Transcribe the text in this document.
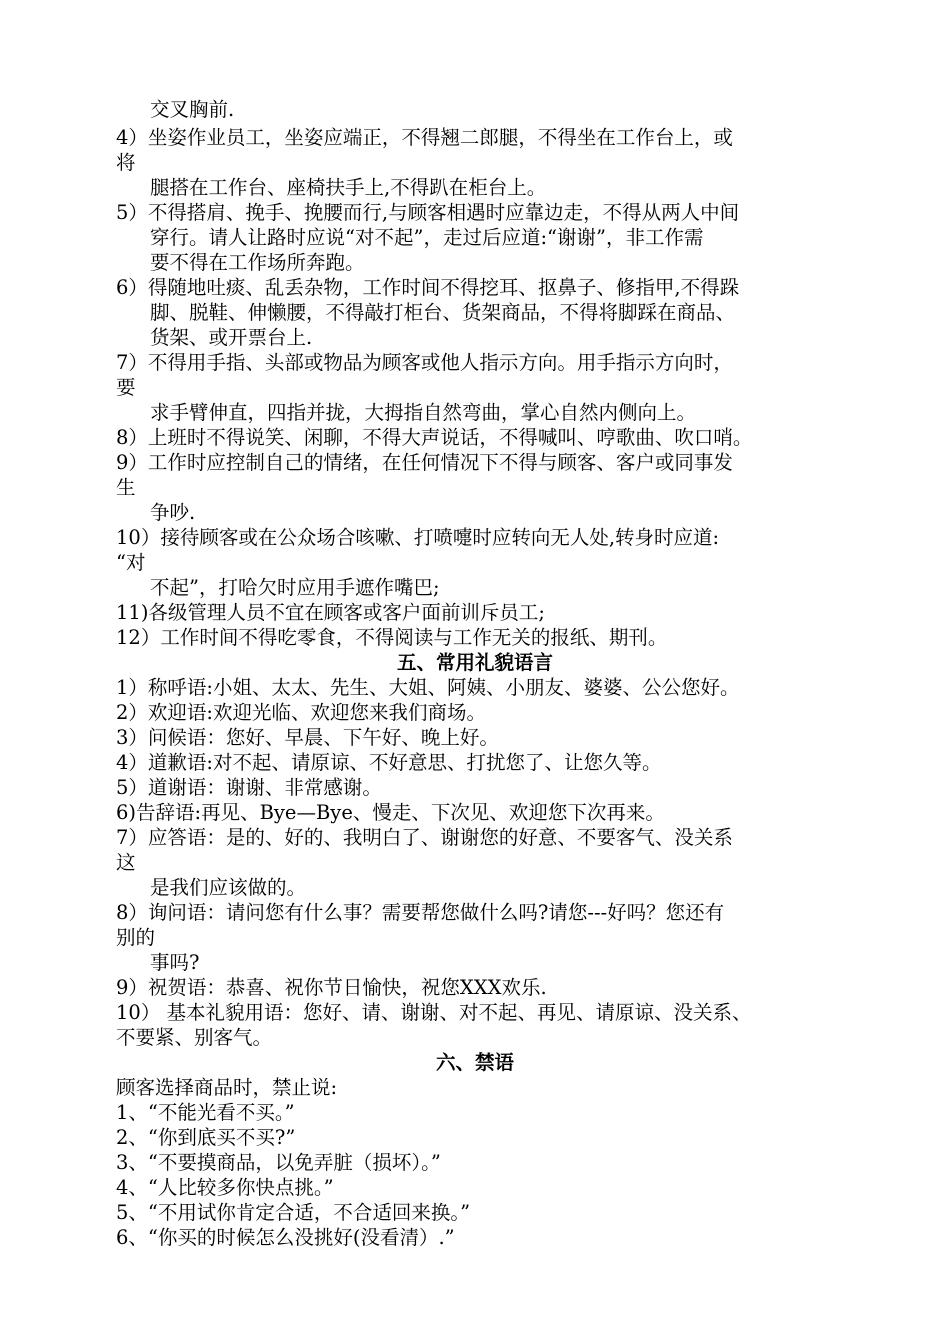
交叉胸前.
4）坐姿作业员工，坐姿应端正，不得翘二郎腿，不得坐在工作台上，或
将
腿搭在工作台、座椅扶手上,不得趴在柜台上。
5）不得搭肩、挽手、挽腰而行,与顾客相遇时应靠边走，不得从两人中间
穿行。请人让路时应说“对不起”，走过后应道:“谢谢”，非工作需
要不得在工作场所奔跑。
6）得随地吐痰、乱丢杂物，工作时间不得挖耳、抠鼻子、修指甲,不得跺
脚、脱鞋、伸懒腰，不得敲打柜台、货架商品，不得将脚踩在商品、
货架、或开票台上.
7）不得用手指、头部或物品为顾客或他人指示方向。用手指示方向时，
要
求手臂伸直，四指并拢，大拇指自然弯曲，掌心自然内侧向上。
8）上班时不得说笑、闲聊，不得大声说话，不得喊叫、哼歌曲、吹口哨。
9）工作时应控制自己的情绪，在任何情况下不得与顾客、客户或同事发
生
争吵.
10）接待顾客或在公众场合咳嗽、打喷嚏时应转向无人处,转身时应道:
“对
不起”，打哈欠时应用手遮作嘴巴;
11)各级管理人员不宜在顾客或客户面前训斥员工;
12）工作时间不得吃零食，不得阅读与工作无关的报纸、期刊。
五、常用礼貌语言
1）称呼语:小姐、太太、先生、大姐、阿姨、小朋友、婆婆、公公您好。
2）欢迎语:欢迎光临、欢迎您来我们商场。
3）问候语：您好、早晨、下午好、晚上好。
4）道歉语:对不起、请原谅、不好意思、打扰您了、让您久等。
5）道谢语：谢谢、非常感谢。
6)告辞语:再见、Bye—Bye、慢走、下次见、欢迎您下次再来。
7）应答语：是的、好的、我明白了、谢谢您的好意、不要客气、没关系
这
是我们应该做的。
8）询问语：请问您有什么事？需要帮您做什么吗?请您---好吗？您还有
别的
事吗?
9）祝贺语：恭喜、祝你节日愉快，祝您XXX欢乐.
10） 基本礼貌用语：您好、请、谢谢、对不起、再见、请原谅、没关系、
不要紧、别客气。
六、禁语
顾客选择商品时，禁止说:
1、“不能光看不买。”
2、“你到底买不买?”
3、“不要摸商品，以免弄脏（损坏）。”
4、“人比较多你快点挑。”
5、“不用试你肯定合适，不合适回来换。”
6、“你买的时候怎么没挑好(没看清）.”
